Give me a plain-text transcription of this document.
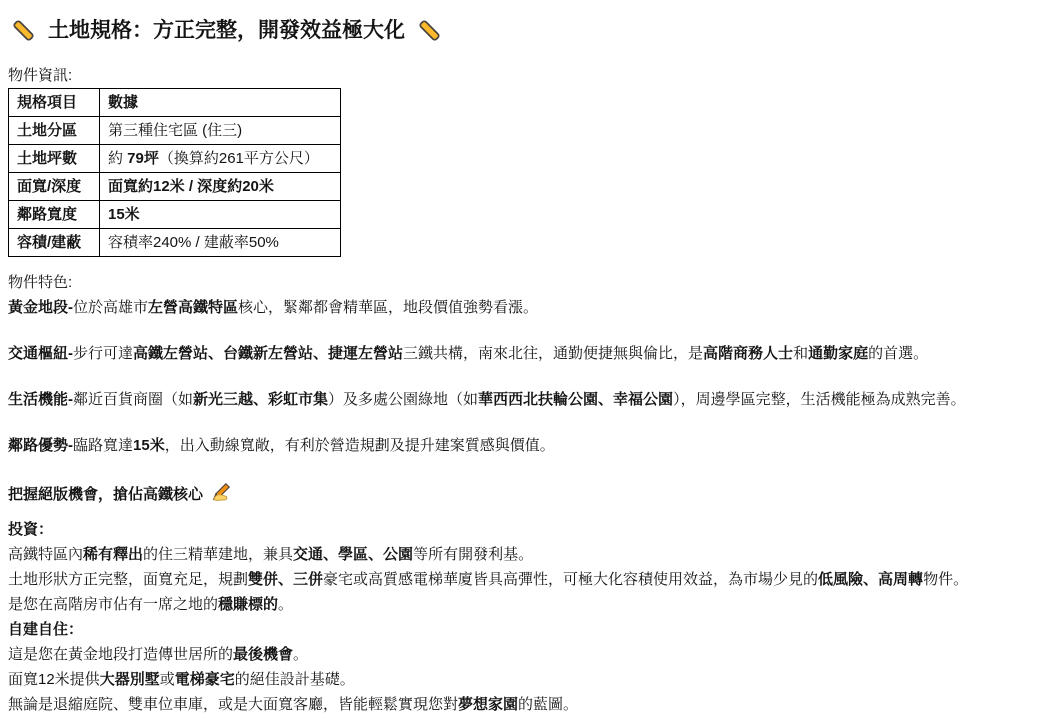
土地規格：方正完整，開發效益極大化

物件資訊:

規格項目	數據
土地分區	第三種住宅區 (住三)
土地坪數	約 79坪（換算約261平方公尺）
面寬/深度	面寬約12米 / 深度約20米
鄰路寬度	15米
容積/建蔽	容積率240% / 建蔽率50%

物件特色:

黃金地段-位於高雄市左營高鐵特區核心，緊鄰都會精華區，地段價值強勢看漲。

交通樞紐-步行可達高鐵左營站、台鐵新左營站、捷運左營站三鐵共構，南來北往，通勤便捷無與倫比，是高階商務人士和通勤家庭的首選。

生活機能-鄰近百貨商圈（如新光三越、彩虹市集）及多處公園綠地（如華西西北扶輪公園、幸福公園），周邊學區完整，生活機能極為成熟完善。

鄰路優勢-臨路寬達15米，出入動線寬敞，有利於營造規劃及提升建案質感與價值。

把握絕版機會，搶佔高鐵核心

投資：

高鐵特區內稀有釋出的住三精華建地，兼具交通、學區、公園等所有開發利基。

土地形狀方正完整，面寬充足，規劃雙併、三併豪宅或高質感電梯華廈皆具高彈性，可極大化容積使用效益，為市場少見的低風險、高周轉物件。

是您在高階房市佔有一席之地的穩賺標的。

自建自住：

這是您在黃金地段打造傳世居所的最後機會。

面寬12米提供大器別墅或電梯豪宅的絕佳設計基礎。

無論是退縮庭院、雙車位車庫，或是大面寬客廳，皆能輕鬆實現您對夢想家園的藍圖。
